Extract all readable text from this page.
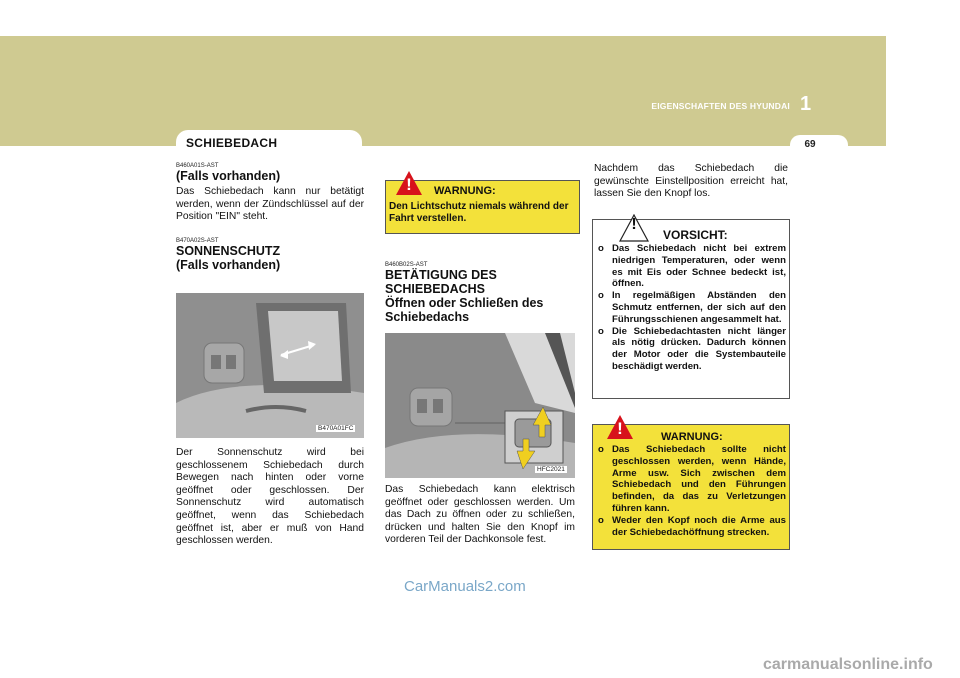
EIGENSCHAFTEN DES HYUNDAI 1
69
SCHIEBEDACH

B460A01S-AST

(Falls vorhanden)

Das Schiebedach kann nur betätigt werden, wenn der Zündschlüssel auf der Position "EIN" steht.

B470A02S-AST

SONNENSCHUTZ

(Falls vorhanden)

B470A01FC

Der Sonnenschutz wird bei geschlossenem Schiebedach durch Bewegen nach hinten oder vorne geöffnet oder geschlossen. Der Sonnenschutz wird automatisch geöffnet, wenn das Schiebedach geöffnet ist, aber er muß von Hand geschlossen werden.

!	WARNUNG:
Den Lichtschutz niemals während der Fahrt verstellen.

B460B02S-AST

BETÄTIGUNG DES

SCHIEBEDACHS

Öffnen oder Schließen des

Schiebedachs

HFC2021

Das Schiebedach kann elektrisch geöffnet oder geschlossen werden. Um das Dach zu öffnen oder zu schließen, drücken und halten Sie den Knopf im vorderen Teil der Dachkonsole fest.

Nachdem das Schiebedach die gewünschte Einstellposition erreicht hat, lassen Sie den Knopf los.

!
VORSICHT:
o Das Schiebedach nicht bei extrem niedrigen Temperaturen, oder wenn es mit Eis oder Schnee bedeckt ist, öffnen.
o In regelmäßigen Abständen den Schmutz entfernen, der sich auf den Führungsschienen angesammelt hat.
o Die Schiebedachtasten nicht länger als nötig drücken. Dadurch können der Motor oder die Systembauteile beschädigt werden.
!	WARNUNG:
o Das Schiebedach sollte nicht geschlossen werden, wenn Hände, Arme usw. Sich zwischen dem Schiebedach und den Führungen befinden, da das zu Verletzungen führen kann.
o Weder den Kopf noch die Arme aus der Schiebedachöffnung strecken.
CarManuals2.com
carmanualsonline.info
